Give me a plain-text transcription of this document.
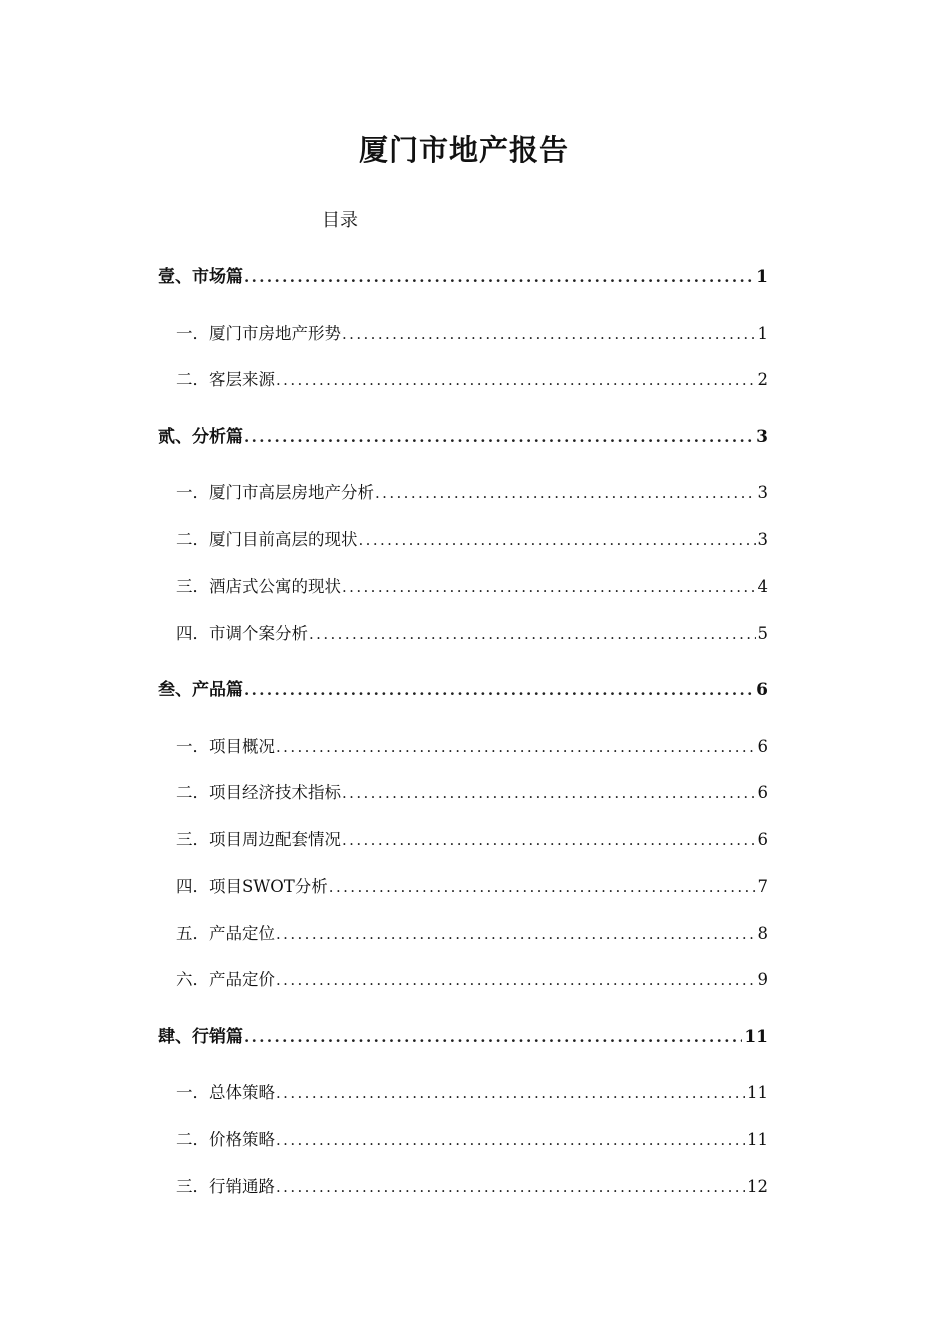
厦门市地产报告
目录
壹、 市场篇 .....	1
一． 厦门市房地产形势 .....	1
二． 客层来源 .....	2
贰、 分析篇 .....	3
一． 厦门市高层房地产分析 .....	3
二． 厦门目前高层的现状 .....	3
三． 酒店式公寓的现状 .....	4
四． 市调个案分析 .....	5
叁、 产品篇 .....	6
一． 项目概况 .....	6
二． 项目经济技术指标 .....	6
三． 项目周边配套情况 .....	6
四． 项目SWOT分析 .....	7
五． 产品定位 .....	8
六． 产品定价 .....	9
肆、 行销篇 .....	11
一． 总体策略 .....	11
二． 价格策略 .....	11
三． 行销通路 .....	12
